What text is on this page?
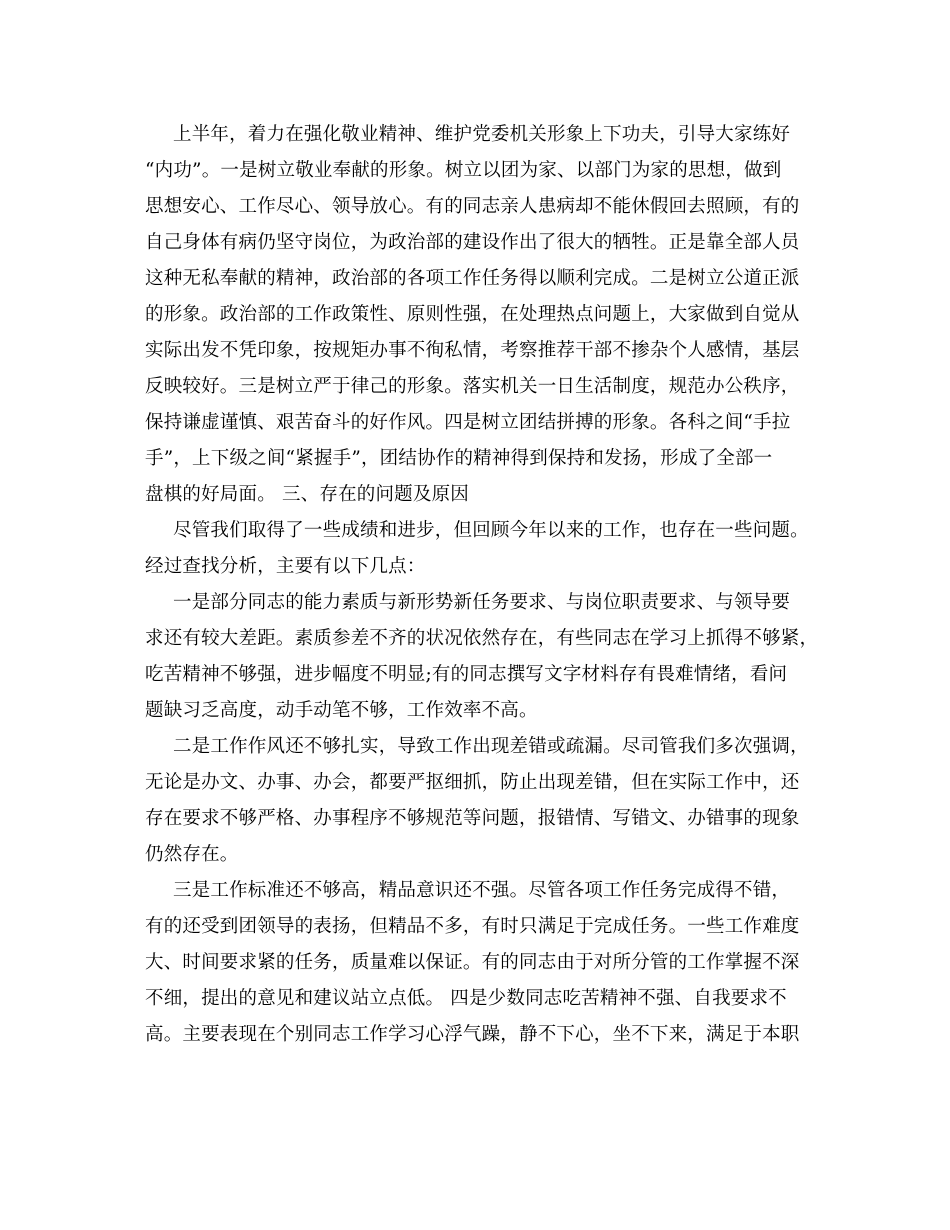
上半年，着力在强化敬业精神、维护党委机关形象上下功夫，引导大家练好
“内功”。一是树立敬业奉献的形象。树立以团为家、以部门为家的思想，做到
思想安心、工作尽心、领导放心。有的同志亲人患病却不能休假回去照顾，有的
自己身体有病仍坚守岗位，为政治部的建设作出了很大的牺牲。正是靠全部人员
这种无私奉献的精神，政治部的各项工作任务得以顺利完成。二是树立公道正派
的形象。政治部的工作政策性、原则性强，在处理热点问题上，大家做到自觉从
实际出发不凭印象，按规矩办事不徇私情，考察推荐干部不掺杂个人感情，基层
反映较好。三是树立严于律己的形象。落实机关一日生活制度，规范办公秩序，
保持谦虚谨慎、艰苦奋斗的好作风。四是树立团结拼搏的形象。各科之间“手拉
手”，上下级之间“紧握手”，团结协作的精神得到保持和发扬，形成了全部一
盘棋的好局面。 三、存在的问题及原因
尽管我们取得了一些成绩和进步，但回顾今年以来的工作，也存在一些问题。
经过查找分析，主要有以下几点：
一是部分同志的能力素质与新形势新任务要求、与岗位职责要求、与领导要
求还有较大差距。素质参差不齐的状况依然存在，有些同志在学习上抓得不够紧，
吃苦精神不够强，进步幅度不明显;有的同志撰写文字材料存有畏难情绪，看问
题缺习乏高度，动手动笔不够，工作效率不高。
二是工作作风还不够扎实，导致工作出现差错或疏漏。尽司管我们多次强调，
无论是办文、办事、办会，都要严抠细抓，防止出现差错，但在实际工作中，还
存在要求不够严格、办事程序不够规范等问题，报错情、写错文、办错事的现象
仍然存在。
三是工作标准还不够高，精品意识还不强。尽管各项工作任务完成得不错，
有的还受到团领导的表扬，但精品不多，有时只满足于完成任务。一些工作难度
大、时间要求紧的任务，质量难以保证。有的同志由于对所分管的工作掌握不深
不细，提出的意见和建议站立点低。 四是少数同志吃苦精神不强、自我要求不
高。主要表现在个别同志工作学习心浮气躁，静不下心，坐不下来，满足于本职
